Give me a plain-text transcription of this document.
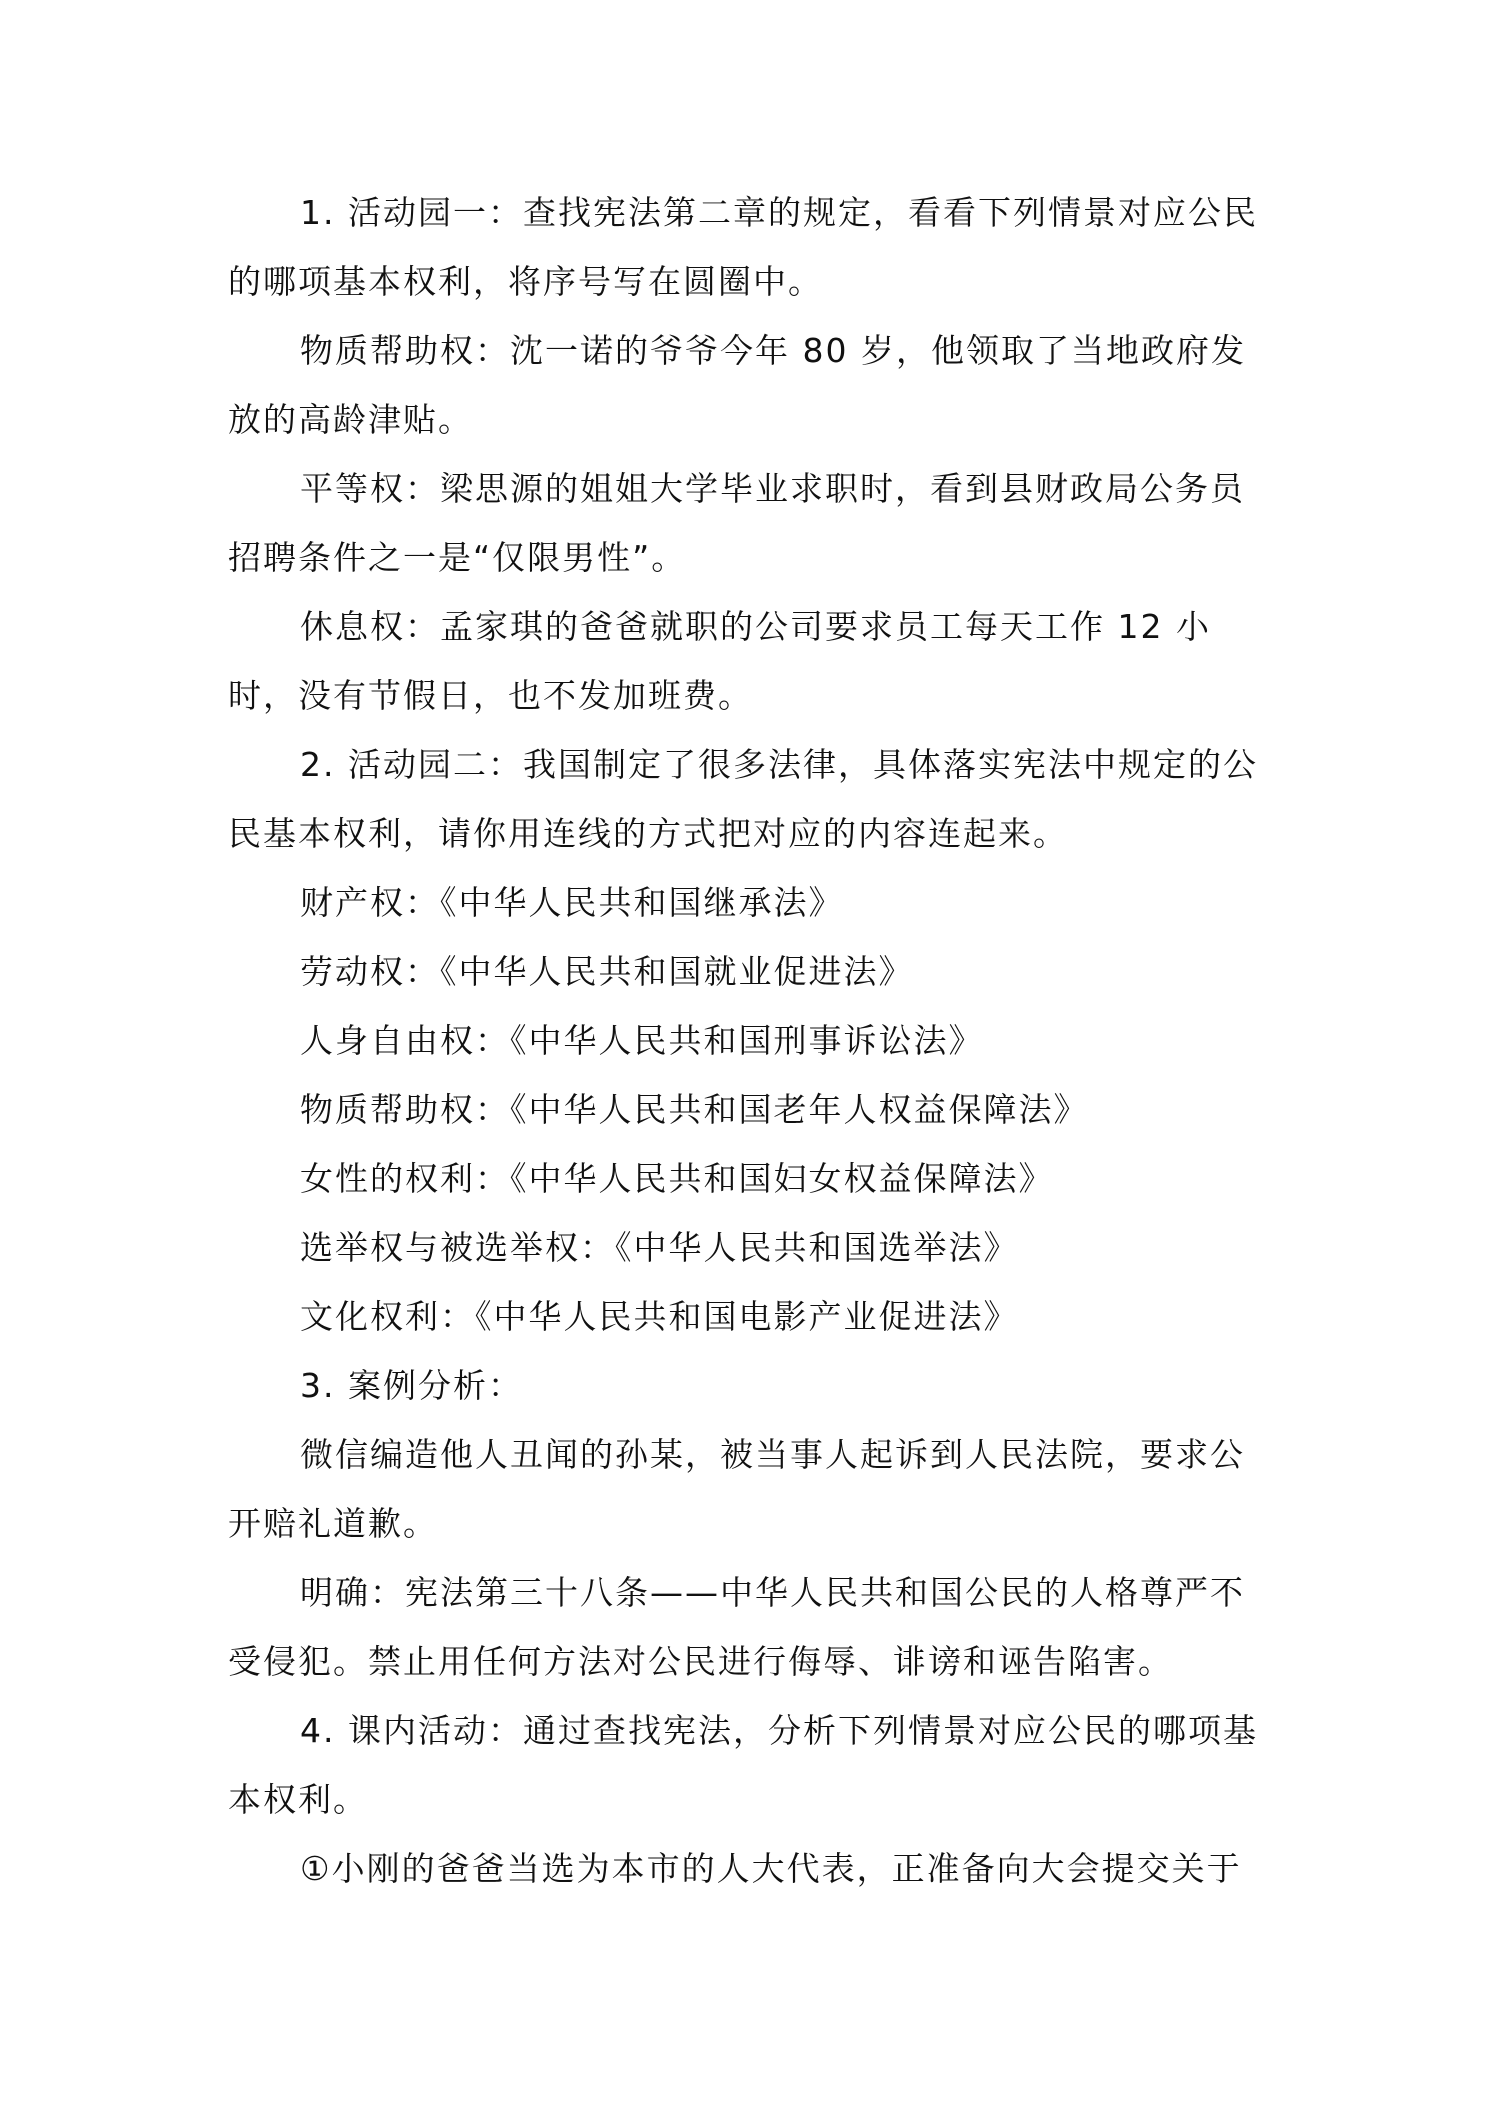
1. 活动园一：查找宪法第二章的规定，看看下列情景对应公民的哪项基本权利，将序号写在圆圈中。

物质帮助权：沈一诺的爷爷今年 80 岁，他领取了当地政府发放的高龄津贴。

平等权：梁思源的姐姐大学毕业求职时，看到县财政局公务员招聘条件之一是“仅限男性”。

休息权：孟家琪的爸爸就职的公司要求员工每天工作 12 小时，没有节假日，也不发加班费。

2. 活动园二：我国制定了很多法律，具体落实宪法中规定的公民基本权利，请你用连线的方式把对应的内容连起来。

财产权：《中华人民共和国继承法》

劳动权：《中华人民共和国就业促进法》

人身自由权：《中华人民共和国刑事诉讼法》

物质帮助权：《中华人民共和国老年人权益保障法》

女性的权利：《中华人民共和国妇女权益保障法》

选举权与被选举权：《中华人民共和国选举法》

文化权利：《中华人民共和国电影产业促进法》

3. 案例分析：

微信编造他人丑闻的孙某，被当事人起诉到人民法院，要求公开赔礼道歉。

明确：宪法第三十八条——中华人民共和国公民的人格尊严不受侵犯。禁止用任何方法对公民进行侮辱、诽谤和诬告陷害。

4. 课内活动：通过查找宪法，分析下列情景对应公民的哪项基本权利。

①小刚的爸爸当选为本市的人大代表，正准备向大会提交关于
